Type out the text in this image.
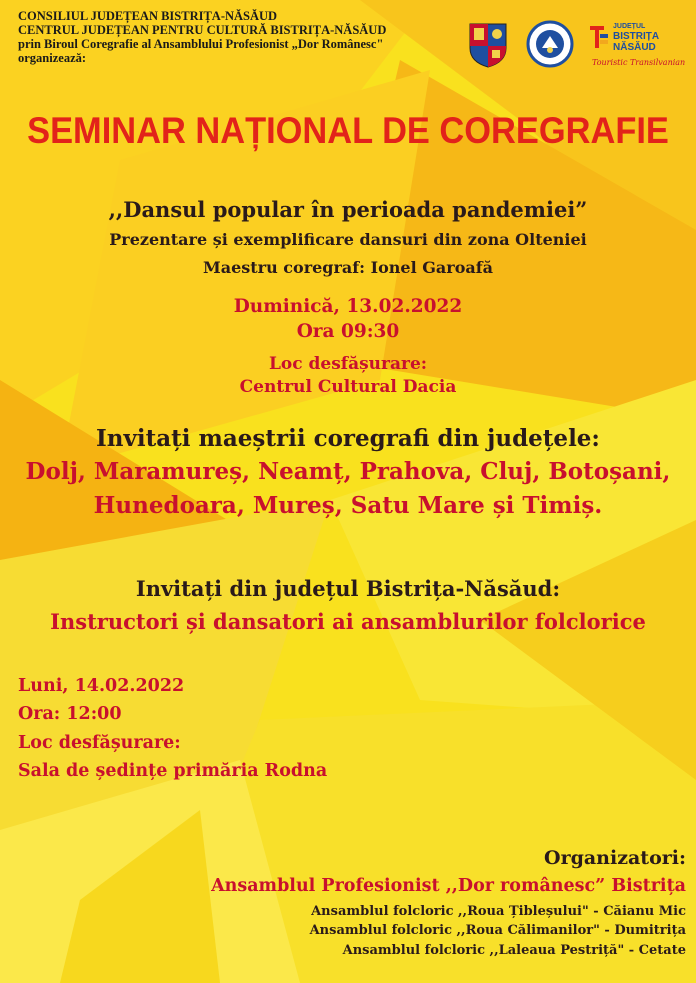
CONSILIUL JUDEȚEAN BISTRIȚA-NĂSĂUD
CENTRUL JUDEȚEAN PENTRU CULTURĂ BISTRIȚA-NĂSĂUD
prin Biroul Coregrafie al Ansamblului Profesionist „Dor Românesc"
organizează:
JUDEȚUL
BISTRIȚA
NĂSĂUD
Touristic Transilvanian
SEMINAR NAȚIONAL DE COREGRAFIE
,,Dansul popular în perioada pandemiei”
Prezentare și exemplificare dansuri din zona Olteniei
Maestru coregraf: Ionel Garoafă
Duminică, 13.02.2022
Ora 09:30
Loc desfășurare:
Centrul Cultural Dacia
Invitați maeștrii coregrafi din județele:
Dolj, Maramureș, Neamț, Prahova, Cluj, Botoșani,
Hunedoara, Mureș, Satu Mare și Timiș.
Invitați din județul Bistrița-Năsăud:
Instructori și dansatori ai ansamblurilor folclorice
Luni, 14.02.2022
Ora: 12:00
Loc desfășurare:
Sala de ședințe primăria Rodna
Organizatori:
Ansamblul Profesionist ,,Dor românesc” Bistrița
Ansamblul folcloric ,,Roua Țibleșului" - Căianu Mic
Ansamblul folcloric ,,Roua Călimanilor" - Dumitrița
Ansamblul folcloric ,,Laleaua Pestriță" - Cetate
